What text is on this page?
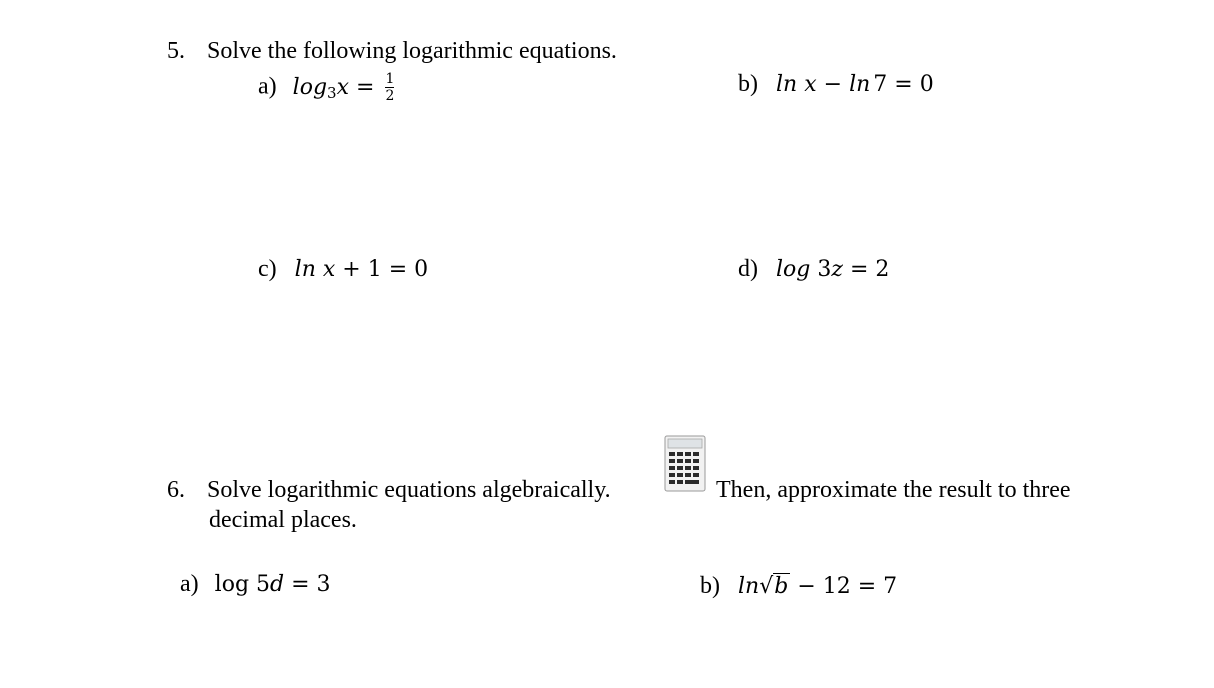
5. Solve the following logarithmic equations.
a) $\log_3x = \frac{1}{2}$	b) ln x − ln 7 = 0
c) ln x + 1 = 0	d) log 3z = 2
6. Solve logarithmic equations algebraically.	Then, approximate the result to three
decimal places.
a) log 5d = 3	b) ln√b − 12 = 7
